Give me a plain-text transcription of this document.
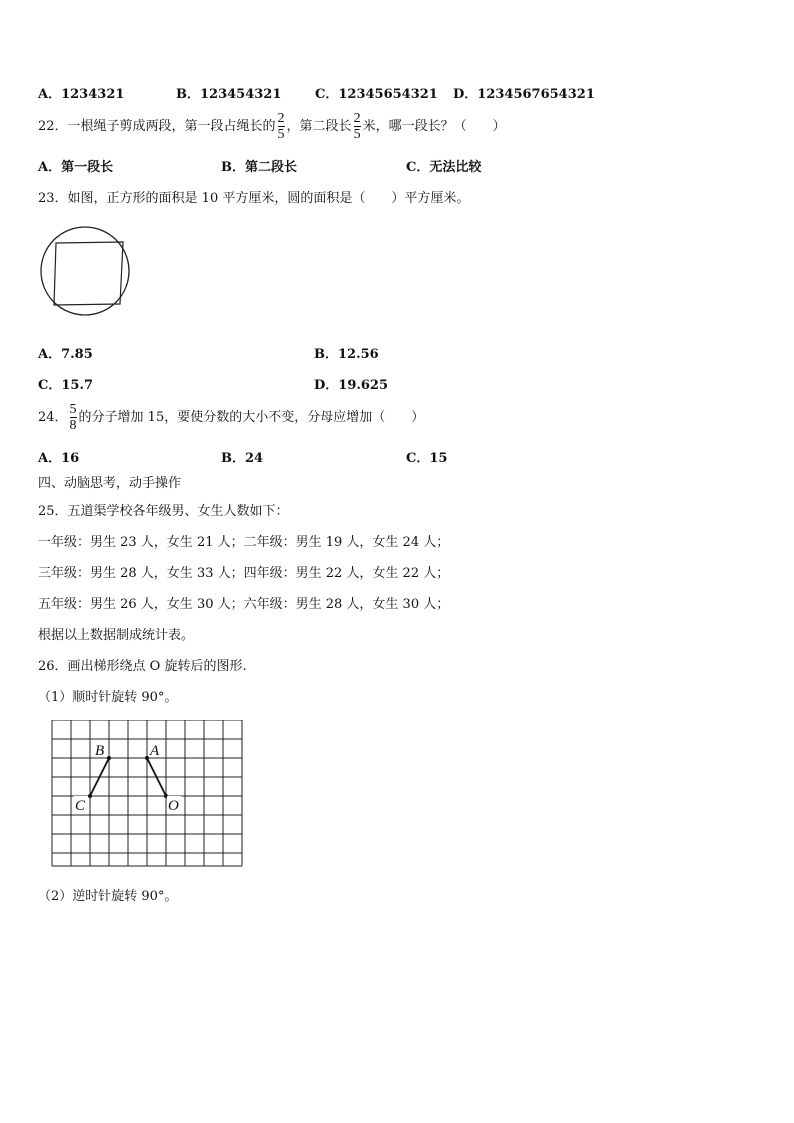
A．1234321	B．123454321	C．12345654321 D．1234567654321
22．一根绳子剪成两段，第一段占绳长的 $\frac{2}{5}$ ，第二段长 $\frac{2}{5}$ 米，哪一段长？（　　）
A．第一段长	B．第二段长	C．无法比较
23．如图，正方形的面积是 10 平方厘米，圆的面积是（　　）平方厘米。
A．7.85	B．12.56
C．15.7	D．19.625
24． $\frac{5}{8}$ 的分子增加 15，要使分数的大小不变，分母应增加（　　）
A．16	B．24	C．15
四、动脑思考，动手操作
25．五道渠学校各年级男、女生人数如下：
一年级：男生 23 人，女生 21 人；二年级：男生 19 人，女生 24 人；
三年级：男生 28 人，女生 33 人；四年级：男生 22 人，女生 22 人；
五年级：男生 26 人，女生 30 人；六年级：男生 28 人，女生 30 人；
根据以上数据制成统计表。
26．画出梯形绕点 O 旋转后的图形.
（1）顺时针旋转 90°。
B	A
C	O
（2）逆时针旋转 90°。
